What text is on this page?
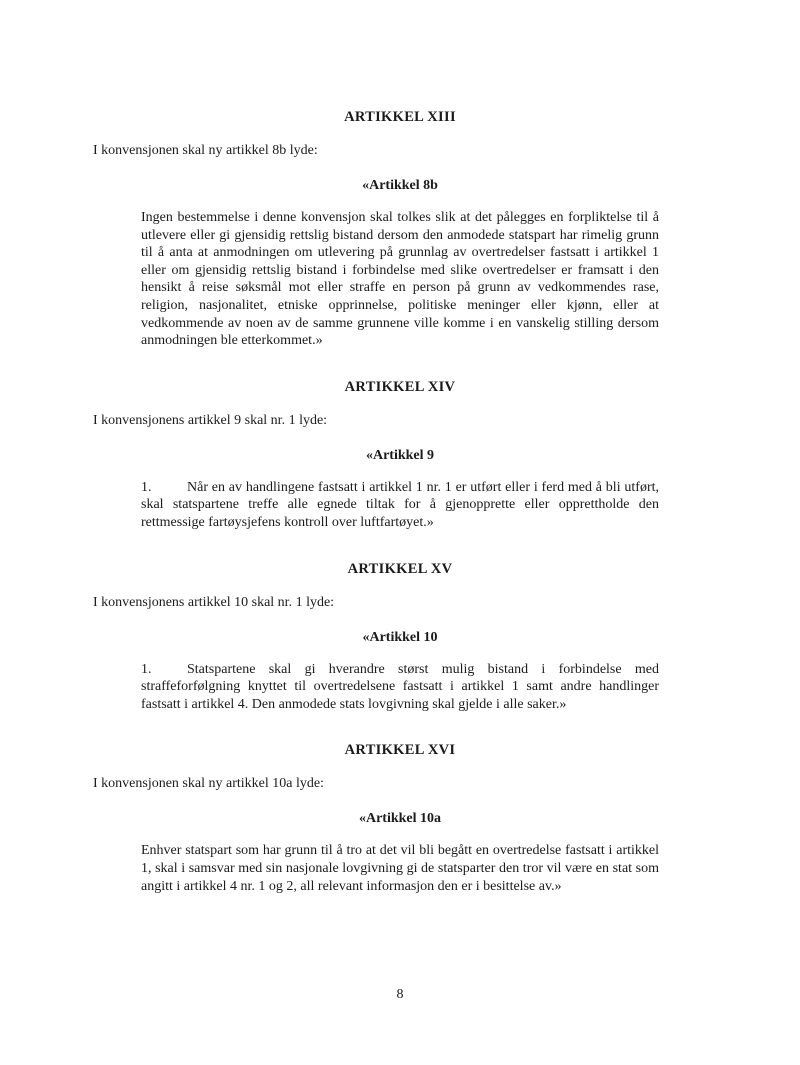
ARTIKKEL XIII

I konvensjonen skal ny artikkel 8b lyde:

«Artikkel 8b

Ingen bestemmelse i denne konvensjon skal tolkes slik at det pålegges en forpliktelse til å utlevere eller gi gjensidig rettslig bistand dersom den anmodede statspart har rimelig grunn til å anta at anmodningen om utlevering på grunnlag av overtredelser fastsatt i artikkel 1 eller om gjensidig rettslig bistand i forbindelse med slike overtredelser er framsatt i den hensikt å reise søksmål mot eller straffe en person på grunn av vedkommendes rase, religion, nasjonalitet, etniske opprinnelse, politiske meninger eller kjønn, eller at vedkommende av noen av de samme grunnene ville komme i en vanskelig stilling dersom anmodningen ble etterkommet.»

ARTIKKEL XIV

I konvensjonens artikkel 9 skal nr. 1 lyde:

«Artikkel 9

1.	Når en av handlingene fastsatt i artikkel 1 nr. 1 er utført eller i ferd med å bli utført, skal statspartene treffe alle egnede tiltak for å gjenopprette eller opprettholde den rettmessige fartøysjefens kontroll over luftfartøyet.»

ARTIKKEL XV

I konvensjonens artikkel 10 skal nr. 1 lyde:

«Artikkel 10

1.	Statspartene skal gi hverandre størst mulig bistand i forbindelse med straffeforfølgning knyttet til overtredelsene fastsatt i artikkel 1 samt andre handlinger fastsatt i artikkel 4. Den anmodede stats lovgivning skal gjelde i alle saker.»

ARTIKKEL XVI

I konvensjonen skal ny artikkel 10a lyde:

«Artikkel 10a

Enhver statspart som har grunn til å tro at det vil bli begått en overtredelse fastsatt i artikkel 1, skal i samsvar med sin nasjonale lovgivning gi de statsparter den tror vil være en stat som angitt i artikkel 4 nr. 1 og 2, all relevant informasjon den er i besittelse av.»

8
